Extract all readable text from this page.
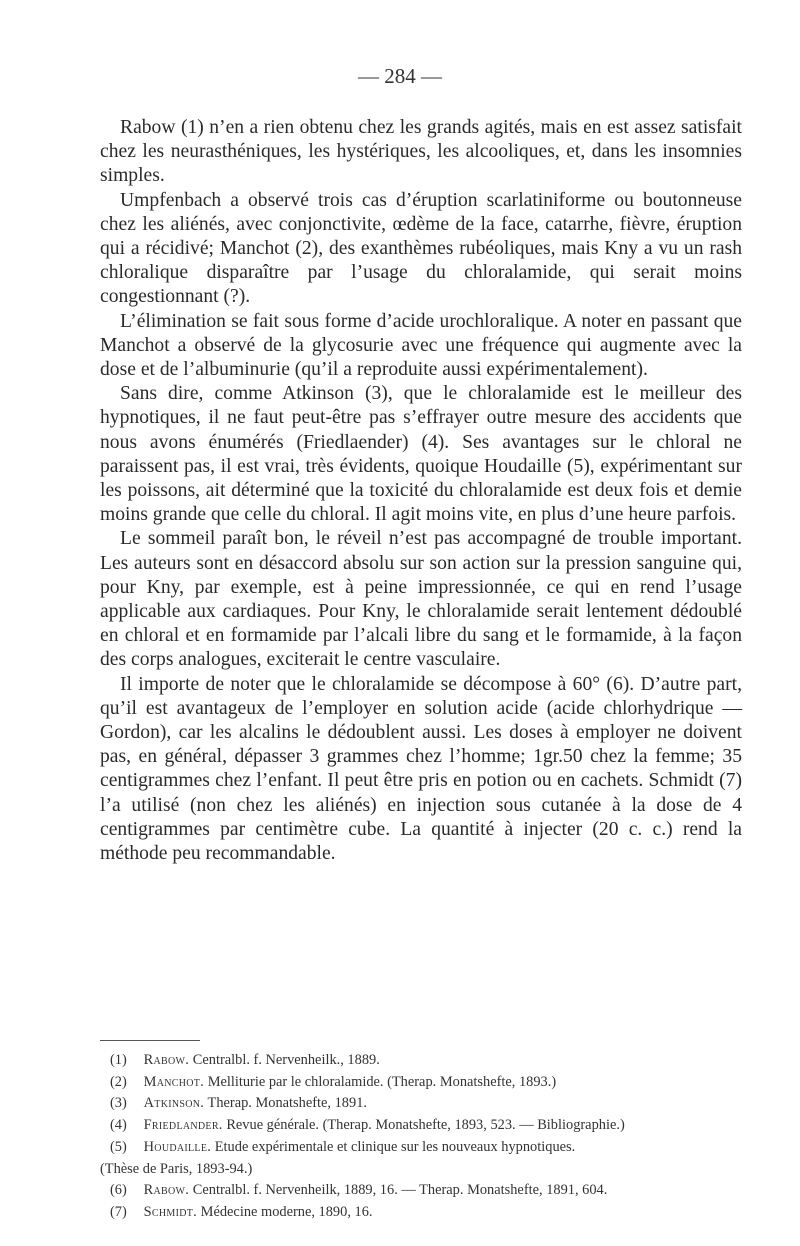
— 284 —

Rabow (1) n’en a rien obtenu chez les grands agités, mais en est assez satisfait chez les neurasthéniques, les hystériques, les alcooliques, et, dans les insomnies simples.

Umpfenbach a observé trois cas d’éruption scarlatiniforme ou boutonneuse chez les aliénés, avec conjonctivite, œdème de la face, catarrhe, fièvre, éruption qui a récidivé; Manchot (2), des exanthèmes rubéoliques, mais Kny a vu un rash chloralique disparaître par l’usage du chloralamide, qui serait moins congestionnant (?).

L’élimination se fait sous forme d’acide urochloralique. A noter en passant que Manchot a observé de la glycosurie avec une fréquence qui augmente avec la dose et de l’albuminurie (qu’il a reproduite aussi expérimentalement).

Sans dire, comme Atkinson (3), que le chloralamide est le meilleur des hypnotiques, il ne faut peut-être pas s’effrayer outre mesure des accidents que nous avons énumérés (Friedlaender) (4). Ses avantages sur le chloral ne paraissent pas, il est vrai, très évidents, quoique Houdaille (5), expérimentant sur les poissons, ait déterminé que la toxicité du chloralamide est deux fois et demie moins grande que celle du chloral. Il agit moins vite, en plus d’une heure parfois.

Le sommeil paraît bon, le réveil n’est pas accompagné de trouble important. Les auteurs sont en désaccord absolu sur son action sur la pression sanguine qui, pour Kny, par exemple, est à peine impressionnée, ce qui en rend l’usage applicable aux cardiaques. Pour Kny, le chloralamide serait lentement dédoublé en chloral et en formamide par l’alcali libre du sang et le formamide, à la façon des corps analogues, exciterait le centre vasculaire.

Il importe de noter que le chloralamide se décompose à 60° (6). D’autre part, qu’il est avantageux de l’employer en solution acide (acide chlorhydrique — Gordon), car les alcalins le dédoublent aussi. Les doses à employer ne doivent pas, en général, dépasser 3 grammes chez l’homme; 1gr.50 chez la femme; 35 centigrammes chez l’enfant. Il peut être pris en potion ou en cachets. Schmidt (7) l’a utilisé (non chez les aliénés) en injection sous cutanée à la dose de 4 centigrammes par centimètre cube. La quantité à injecter (20 c. c.) rend la méthode peu recommandable.

(1) Rabow. Centralbl. f. Nervenheilk., 1889.

(2) Manchot. Melliturie par le chloralamide. (Therap. Monatshefte, 1893.)

(3) Atkinson. Therap. Monatshefte, 1891.

(4) Friedlander. Revue générale. (Therap. Monatshefte, 1893, 523. — Bibliographie.)

(5) Houdaille. Etude expérimentale et clinique sur les nouveaux hypnotiques.

(Thèse de Paris, 1893-94.)

(6) Rabow. Centralbl. f. Nervenheilk, 1889, 16. — Therap. Monatshefte, 1891, 604.

(7) Schmidt. Médecine moderne, 1890, 16.
